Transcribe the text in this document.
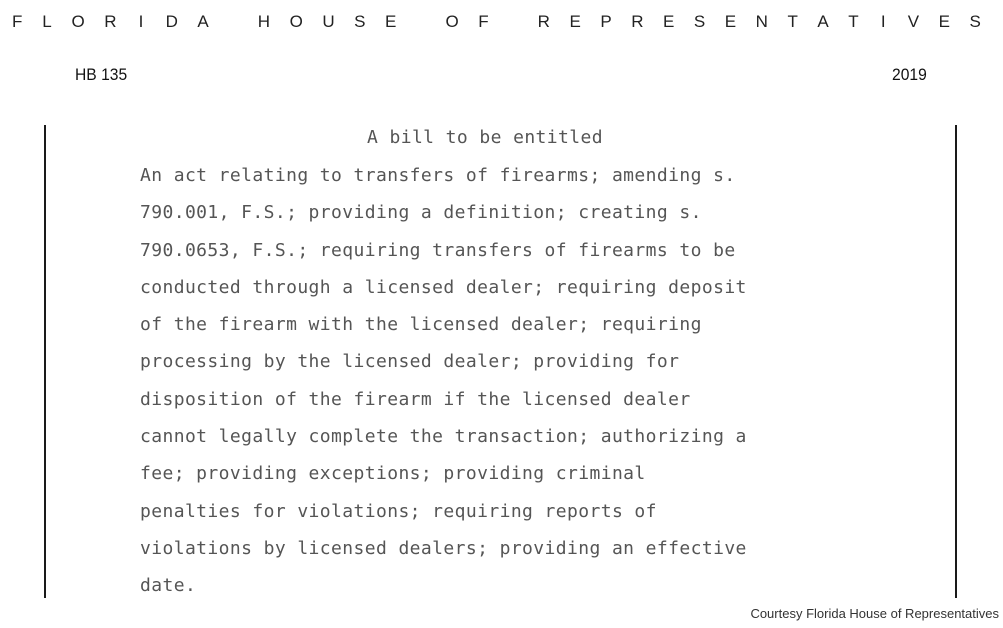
F L O R I D A
	H O U S E
	O F
	R E P R E S E N T A T I V E S
HB 135	2019
A bill to be entitled
An act relating to transfers of firearms; amending s.
790.001, F.S.; providing a definition; creating s.
790.0653, F.S.; requiring transfers of firearms to be
conducted through a licensed dealer; requiring deposit
of the firearm with the licensed dealer; requiring
processing by the licensed dealer; providing for
disposition of the firearm if the licensed dealer
cannot legally complete the transaction; authorizing a
fee; providing exceptions; providing criminal
penalties for violations; requiring reports of
violations by licensed dealers; providing an effective
date.
Courtesy Florida House of Representatives
